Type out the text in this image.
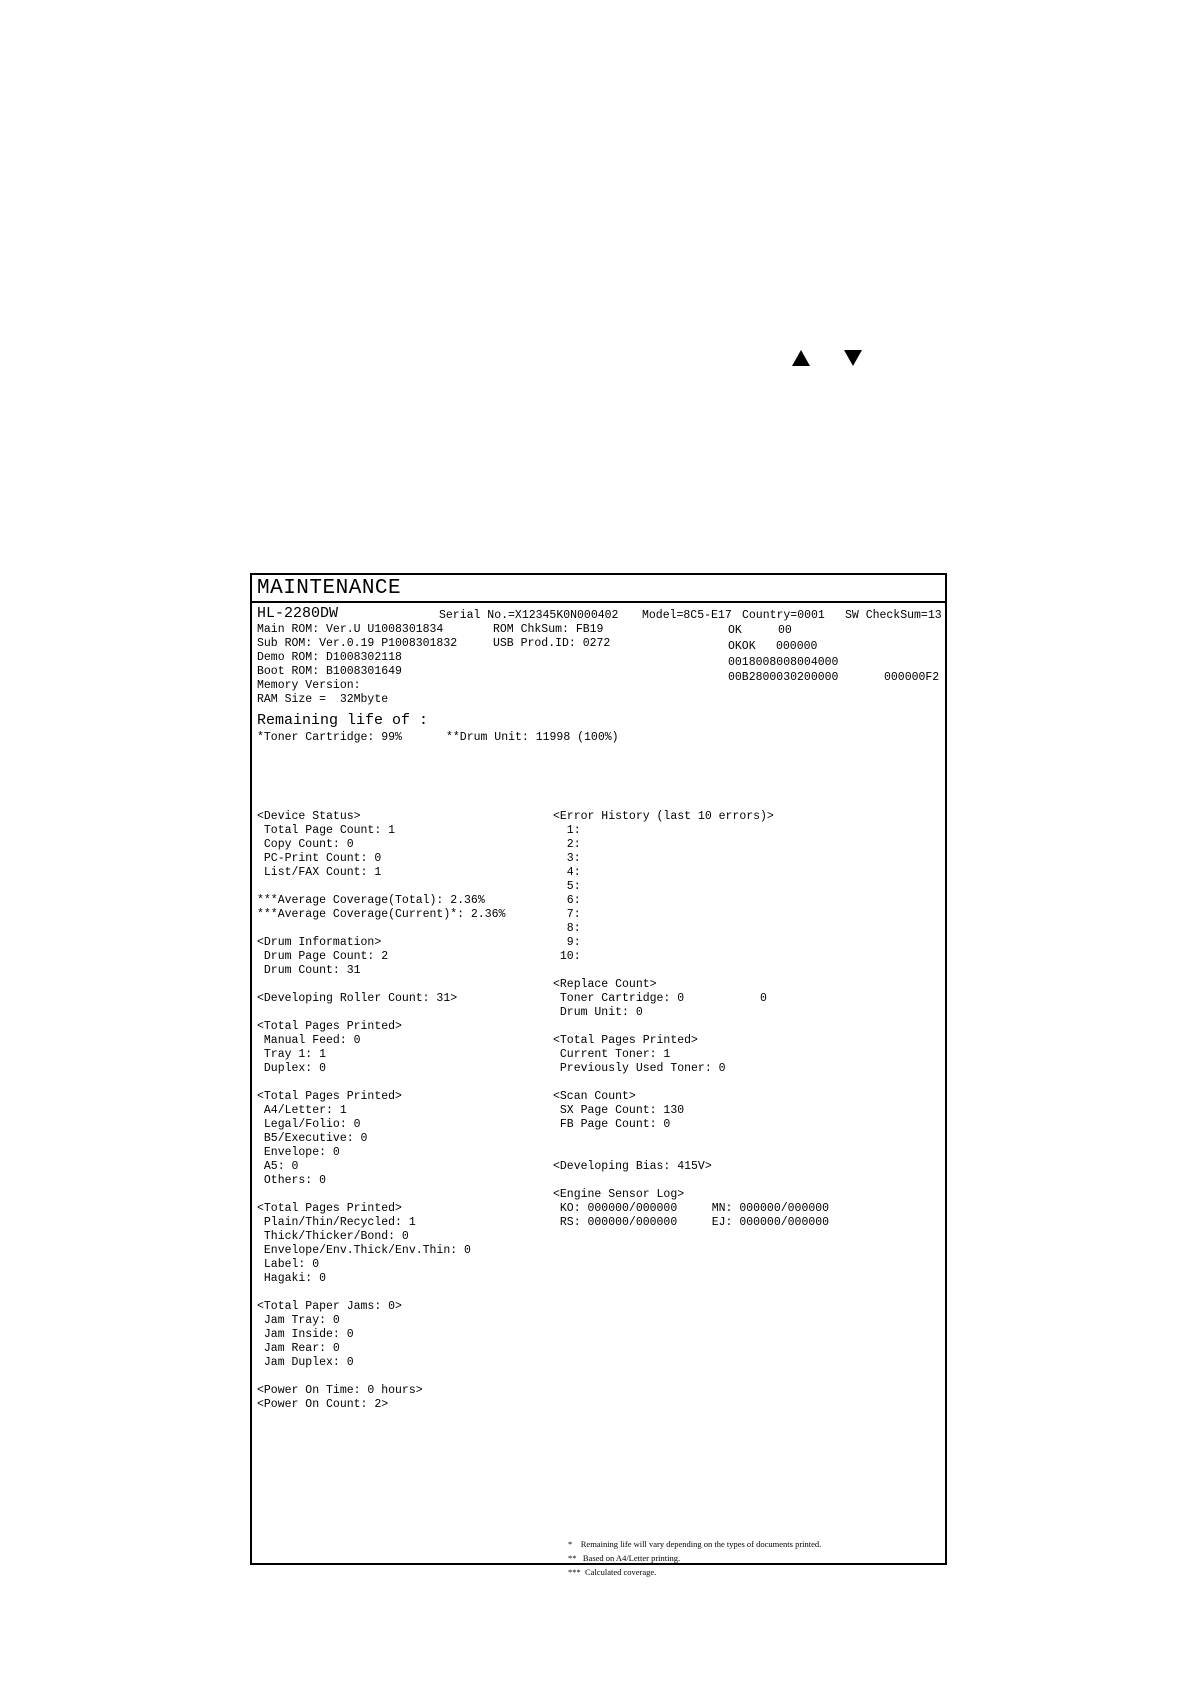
MAINTENANCE
HL-2280DW	Serial No.=X12345K0N000402 Model=8C5-E17 Country=0001 SW CheckSum=13
Main ROM: Ver.U U1008301834	ROM ChkSum: FB19	OK	00
Sub ROM: Ver.0.19 P1008301832	USB Prod.ID: 0272	OKOK 000000
Demo ROM: D1008302118	0018008008004000
Boot ROM: B1008301649	00B2800030200000	000000F2
Memory Version:
RAM Size =  32Mbyte
Remaining life of :
*Toner Cartridge: 99%	**Drum Unit: 11998 (100%)
<Device Status>
Total Page Count: 1
Copy Count: 0
PC-Print Count: 0
List/FAX Count: 1
***Average Coverage(Total): 2.36%
***Average Coverage(Current)*: 2.36%
<Drum Information>
Drum Page Count: 2
Drum Count: 31
<Developing Roller Count: 31>
<Total Pages Printed>
Manual Feed: 0
Tray 1: 1
Duplex: 0
<Total Pages Printed>
A4/Letter: 1
Legal/Folio: 0
B5/Executive: 0
Envelope: 0
A5: 0
Others: 0
<Total Pages Printed>
Plain/Thin/Recycled: 1
Thick/Thicker/Bond: 0
Envelope/Env.Thick/Env.Thin: 0
Label: 0
Hagaki: 0
<Total Paper Jams: 0>
Jam Tray: 0
Jam Inside: 0
Jam Rear: 0
Jam Duplex: 0
<Power On Time: 0 hours>
<Power On Count: 2>
<Error History (last 10 errors)>
1:
2:
3:
4:
5:
6:
7:
8:
9:
10:
<Replace Count>
Toner Cartridge: 0           0
Drum Unit: 0
<Total Pages Printed>
Current Toner: 1
Previously Used Toner: 0
<Scan Count>
SX Page Count: 130
FB Page Count: 0
<Developing Bias: 415V>
<Engine Sensor Log>
KO: 000000/000000     MN: 000000/000000
RS: 000000/000000     EJ: 000000/000000
*    Remaining life will vary depending on the types of documents printed.
**   Based on A4/Letter printing.
***  Calculated coverage.
